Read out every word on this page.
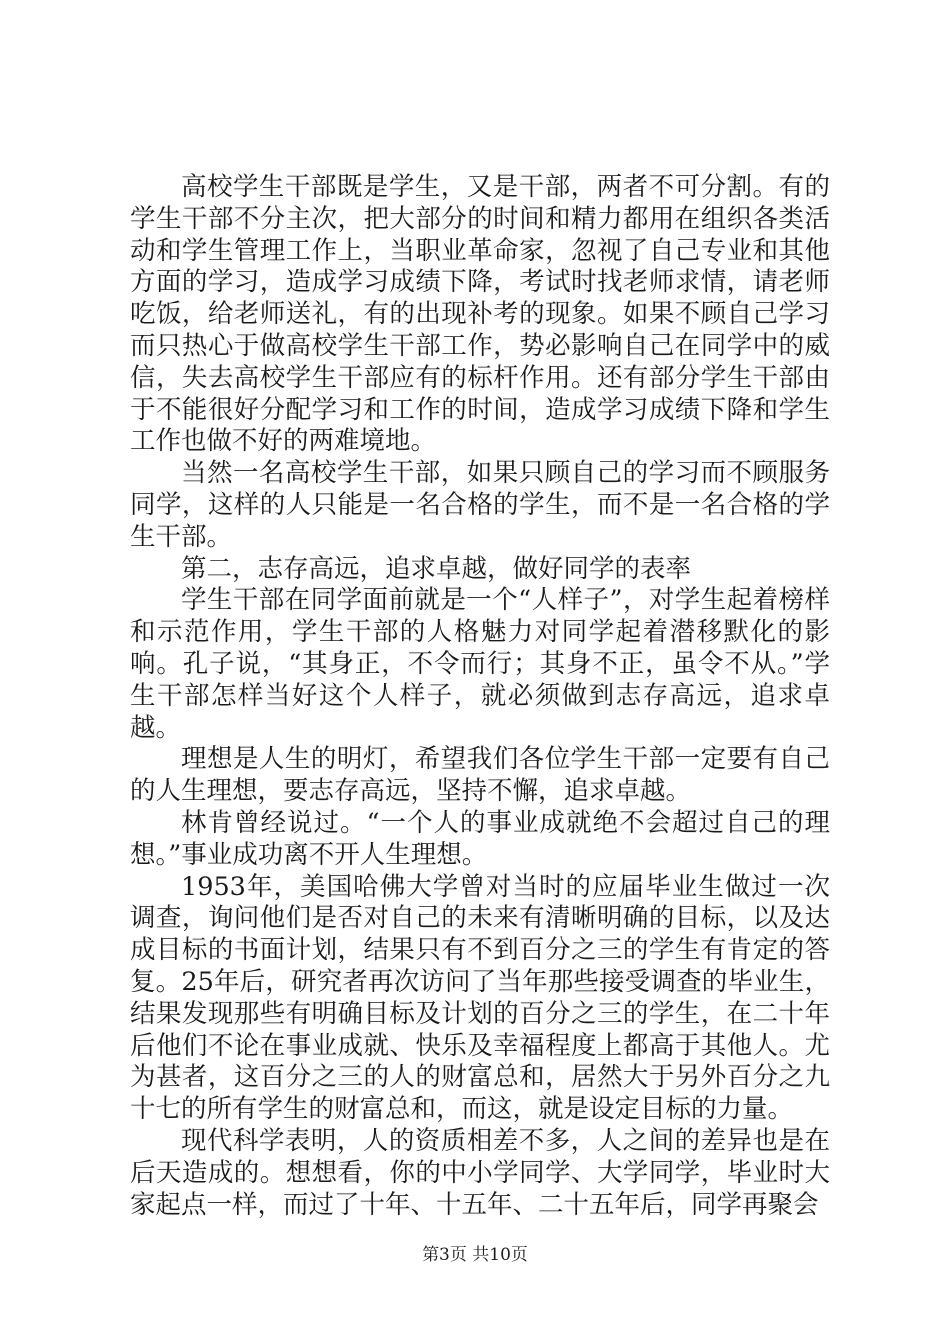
高校学生干部既是学生，又是干部，两者不可分割。有的学生干部不分主次，把大部分的时间和精力都用在组织各类活动和学生管理工作上，当职业革命家，忽视了自己专业和其他方面的学习，造成学习成绩下降，考试时找老师求情，请老师吃饭，给老师送礼，有的出现补考的现象。如果不顾自己学习而只热心于做高校学生干部工作，势必影响自己在同学中的威信，失去高校学生干部应有的标杆作用。还有部分学生干部由于不能很好分配学习和工作的时间，造成学习成绩下降和学生工作也做不好的两难境地。

当然一名高校学生干部，如果只顾自己的学习而不顾服务同学，这样的人只能是一名合格的学生，而不是一名合格的学生干部。

第二，志存高远，追求卓越，做好同学的表率

学生干部在同学面前就是一个“人样子”，对学生起着榜样和示范作用，学生干部的人格魅力对同学起着潜移默化的影响。孔子说，“其身正，不令而行；其身不正，虽令不从。”学生干部怎样当好这个人样子，就必须做到志存高远，追求卓越。

理想是人生的明灯，希望我们各位学生干部一定要有自己的人生理想，要志存高远，坚持不懈，追求卓越。

林肯曾经说过。“一个人的事业成就绝不会超过自己的理想。”事业成功离不开人生理想。

1953年，美国哈佛大学曾对当时的应届毕业生做过一次调查，询问他们是否对自己的未来有清晰明确的目标，以及达成目标的书面计划，结果只有不到百分之三的学生有肯定的答复。25年后，研究者再次访问了当年那些接受调查的毕业生，结果发现那些有明确目标及计划的百分之三的学生，在二十年后他们不论在事业成就、快乐及幸福程度上都高于其他人。尤为甚者，这百分之三的人的财富总和，居然大于另外百分之九十七的所有学生的财富总和，而这，就是设定目标的力量。

现代科学表明，人的资质相差不多，人之间的差异也是在后天造成的。想想看，你的中小学同学、大学同学，毕业时大家起点一样，而过了十年、十五年、二十五年后，同学再聚会

第3页 共10页
